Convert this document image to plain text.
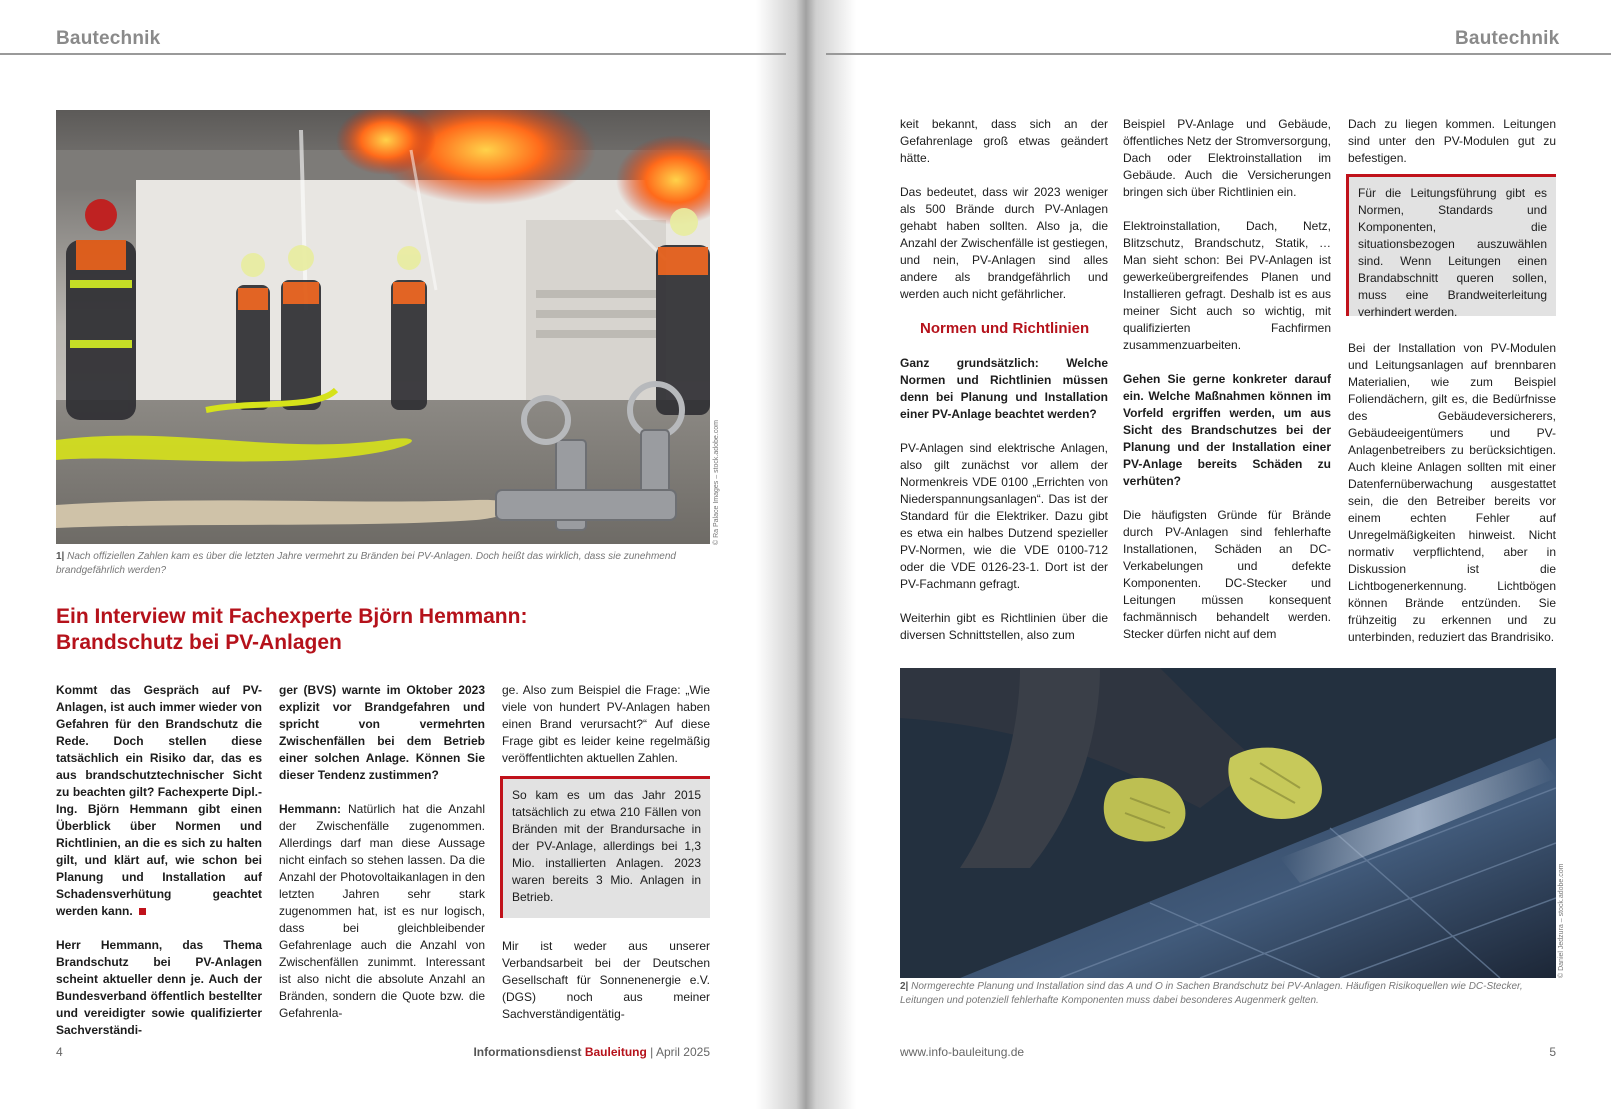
Bautechnik
© Ra Palace Images – stock.adobe.com
1| Nach offiziellen Zahlen kam es über die letzten Jahre vermehrt zu Bränden bei PV-Anlagen. Doch heißt das wirklich, dass sie zunehmend brandgefährlich werden?
Ein Interview mit Fachexperte Björn Hemmann:
Brandschutz bei PV-Anlagen

Kommt das Gespräch auf PV-Anlagen, ist auch immer wieder von Gefahren für den Brandschutz die Rede. Doch stellen diese tatsächlich ein Risiko dar, das es aus brandschutztechnischer Sicht zu beachten gilt? Fachexperte Dipl.-Ing. Björn Hemmann gibt einen Überblick über Normen und Richtlinien, an die es sich zu halten gilt, und klärt auf, wie schon bei Planung und Installation auf Schadensverhütung geachtet werden kann.

Herr Hemmann, das Thema Brandschutz bei PV-Anlagen scheint aktueller denn je. Auch der Bundesverband öffentlich bestellter und vereidigter sowie qualifizierter Sachverständi-

ger (BVS) warnte im Oktober 2023 explizit vor Brandgefahren und spricht von vermehrten Zwischenfällen bei dem Betrieb einer solchen Anlage. Können Sie dieser Tendenz zustimmen?

Hemmann: Natürlich hat die Anzahl der Zwischenfälle zugenommen. Allerdings darf man diese Aussage nicht einfach so stehen lassen. Da die Anzahl der Photovoltaikanlagen in den letzten Jahren sehr stark zugenommen hat, ist es nur logisch, dass bei gleichbleibender Gefahrenlage auch die Anzahl von Zwischenfällen zunimmt. Interessant ist also nicht die absolute Anzahl an Bränden, sondern die Quote bzw. die Gefahrenla-

ge. Also zum Beispiel die Frage: „Wie viele von hundert PV-Anlagen haben einen Brand verursacht?“ Auf diese Frage gibt es leider keine regelmäßig veröffentlichten aktuellen Zahlen.

So kam es um das Jahr 2015 tatsächlich zu etwa 210 Fällen von Bränden mit der Brandursache in der PV-Anlage, allerdings bei 1,3 Mio. installierten Anlagen. 2023 waren bereits 3 Mio. Anlagen in Betrieb.

Mir ist weder aus unserer Verbandsarbeit bei der Deutschen Gesellschaft für Sonnenenergie e.V. (DGS) noch aus meiner Sachverständigentätig-

4	Informationsdienst Bauleitung | April 2025
Bautechnik

keit bekannt, dass sich an der Gefahrenlage groß etwas geändert hätte.

Das bedeutet, dass wir 2023 weniger als 500 Brände durch PV-Anlagen gehabt haben sollten. Also ja, die Anzahl der Zwischenfälle ist gestiegen, und nein, PV-Anlagen sind alles andere als brandgefährlich und werden auch nicht gefährlicher.

Normen und Richtlinien

Ganz grundsätzlich: Welche Normen und Richtlinien müssen denn bei Planung und Installation einer PV-Anlage beachtet werden?

PV-Anlagen sind elektrische Anlagen, also gilt zunächst vor allem der Normenkreis VDE 0100 „Errichten von Niederspannungsanlagen“. Das ist der Standard für die Elektriker. Dazu gibt es etwa ein halbes Dutzend spezieller PV-Normen, wie die VDE 0100-712 oder die VDE 0126-23-1. Dort ist der PV-Fachmann gefragt.

Weiterhin gibt es Richtlinien über die diversen Schnittstellen, also zum

Beispiel PV-Anlage und Gebäude, öffentliches Netz der Stromversorgung, Dach oder Elektroinstallation im Gebäude. Auch die Versicherungen bringen sich über Richtlinien ein.

Elektroinstallation, Dach, Netz, Blitzschutz, Brandschutz, Statik, … Man sieht schon: Bei PV-Anlagen ist gewerkeübergreifendes Planen und Installieren gefragt. Deshalb ist es aus meiner Sicht auch so wichtig, mit qualifizierten Fachfirmen zusammenzuarbeiten.

Gehen Sie gerne konkreter darauf ein. Welche Maßnahmen können im Vorfeld ergriffen werden, um aus Sicht des Brandschutzes bei der Planung und der Installation einer PV-Anlage bereits Schäden zu verhüten?

Die häufigsten Gründe für Brände durch PV-Anlagen sind fehlerhafte Installationen, Schäden an DC-Verkabelungen und defekte Komponenten. DC-Stecker und Leitungen müssen konsequent fachmännisch behandelt werden. Stecker dürfen nicht auf dem

Dach zu liegen kommen. Leitungen sind unter den PV-Modulen gut zu befestigen.

Für die Leitungsführung gibt es Normen, Standards und Komponenten, die situationsbezogen auszuwählen sind. Wenn Leitungen einen Brandabschnitt queren sollen, muss eine Brandweiterleitung verhindert werden.

Bei der Installation von PV-Modulen und Leitungsanlagen auf brennbaren Materialien, wie zum Beispiel Foliendächern, gilt es, die Bedürfnisse des Gebäudeversicherers, Gebäudeeigentümers und PV-Anlagenbetreibers zu berücksichtigen. Auch kleine Anlagen sollten mit einer Datenfernüberwachung ausgestattet sein, die den Betreiber bereits vor einem echten Fehler auf Unregelmäßigkeiten hinweist. Nicht normativ verpflichtend, aber in Diskussion ist die Lichtbogenerkennung. Lichtbögen können Brände entzünden. Sie frühzeitig zu erkennen und zu unterbinden, reduziert das Brandrisiko.

© Daniel Jedzura – stock.adobe.com
2| Normgerechte Planung und Installation sind das A und O in Sachen Brandschutz bei PV-Anlagen. Häufigen Risikoquellen wie DC-Stecker, Leitungen und potenziell fehlerhafte Komponenten muss dabei besonderes Augenmerk gelten.
www.info-bauleitung.de	5
